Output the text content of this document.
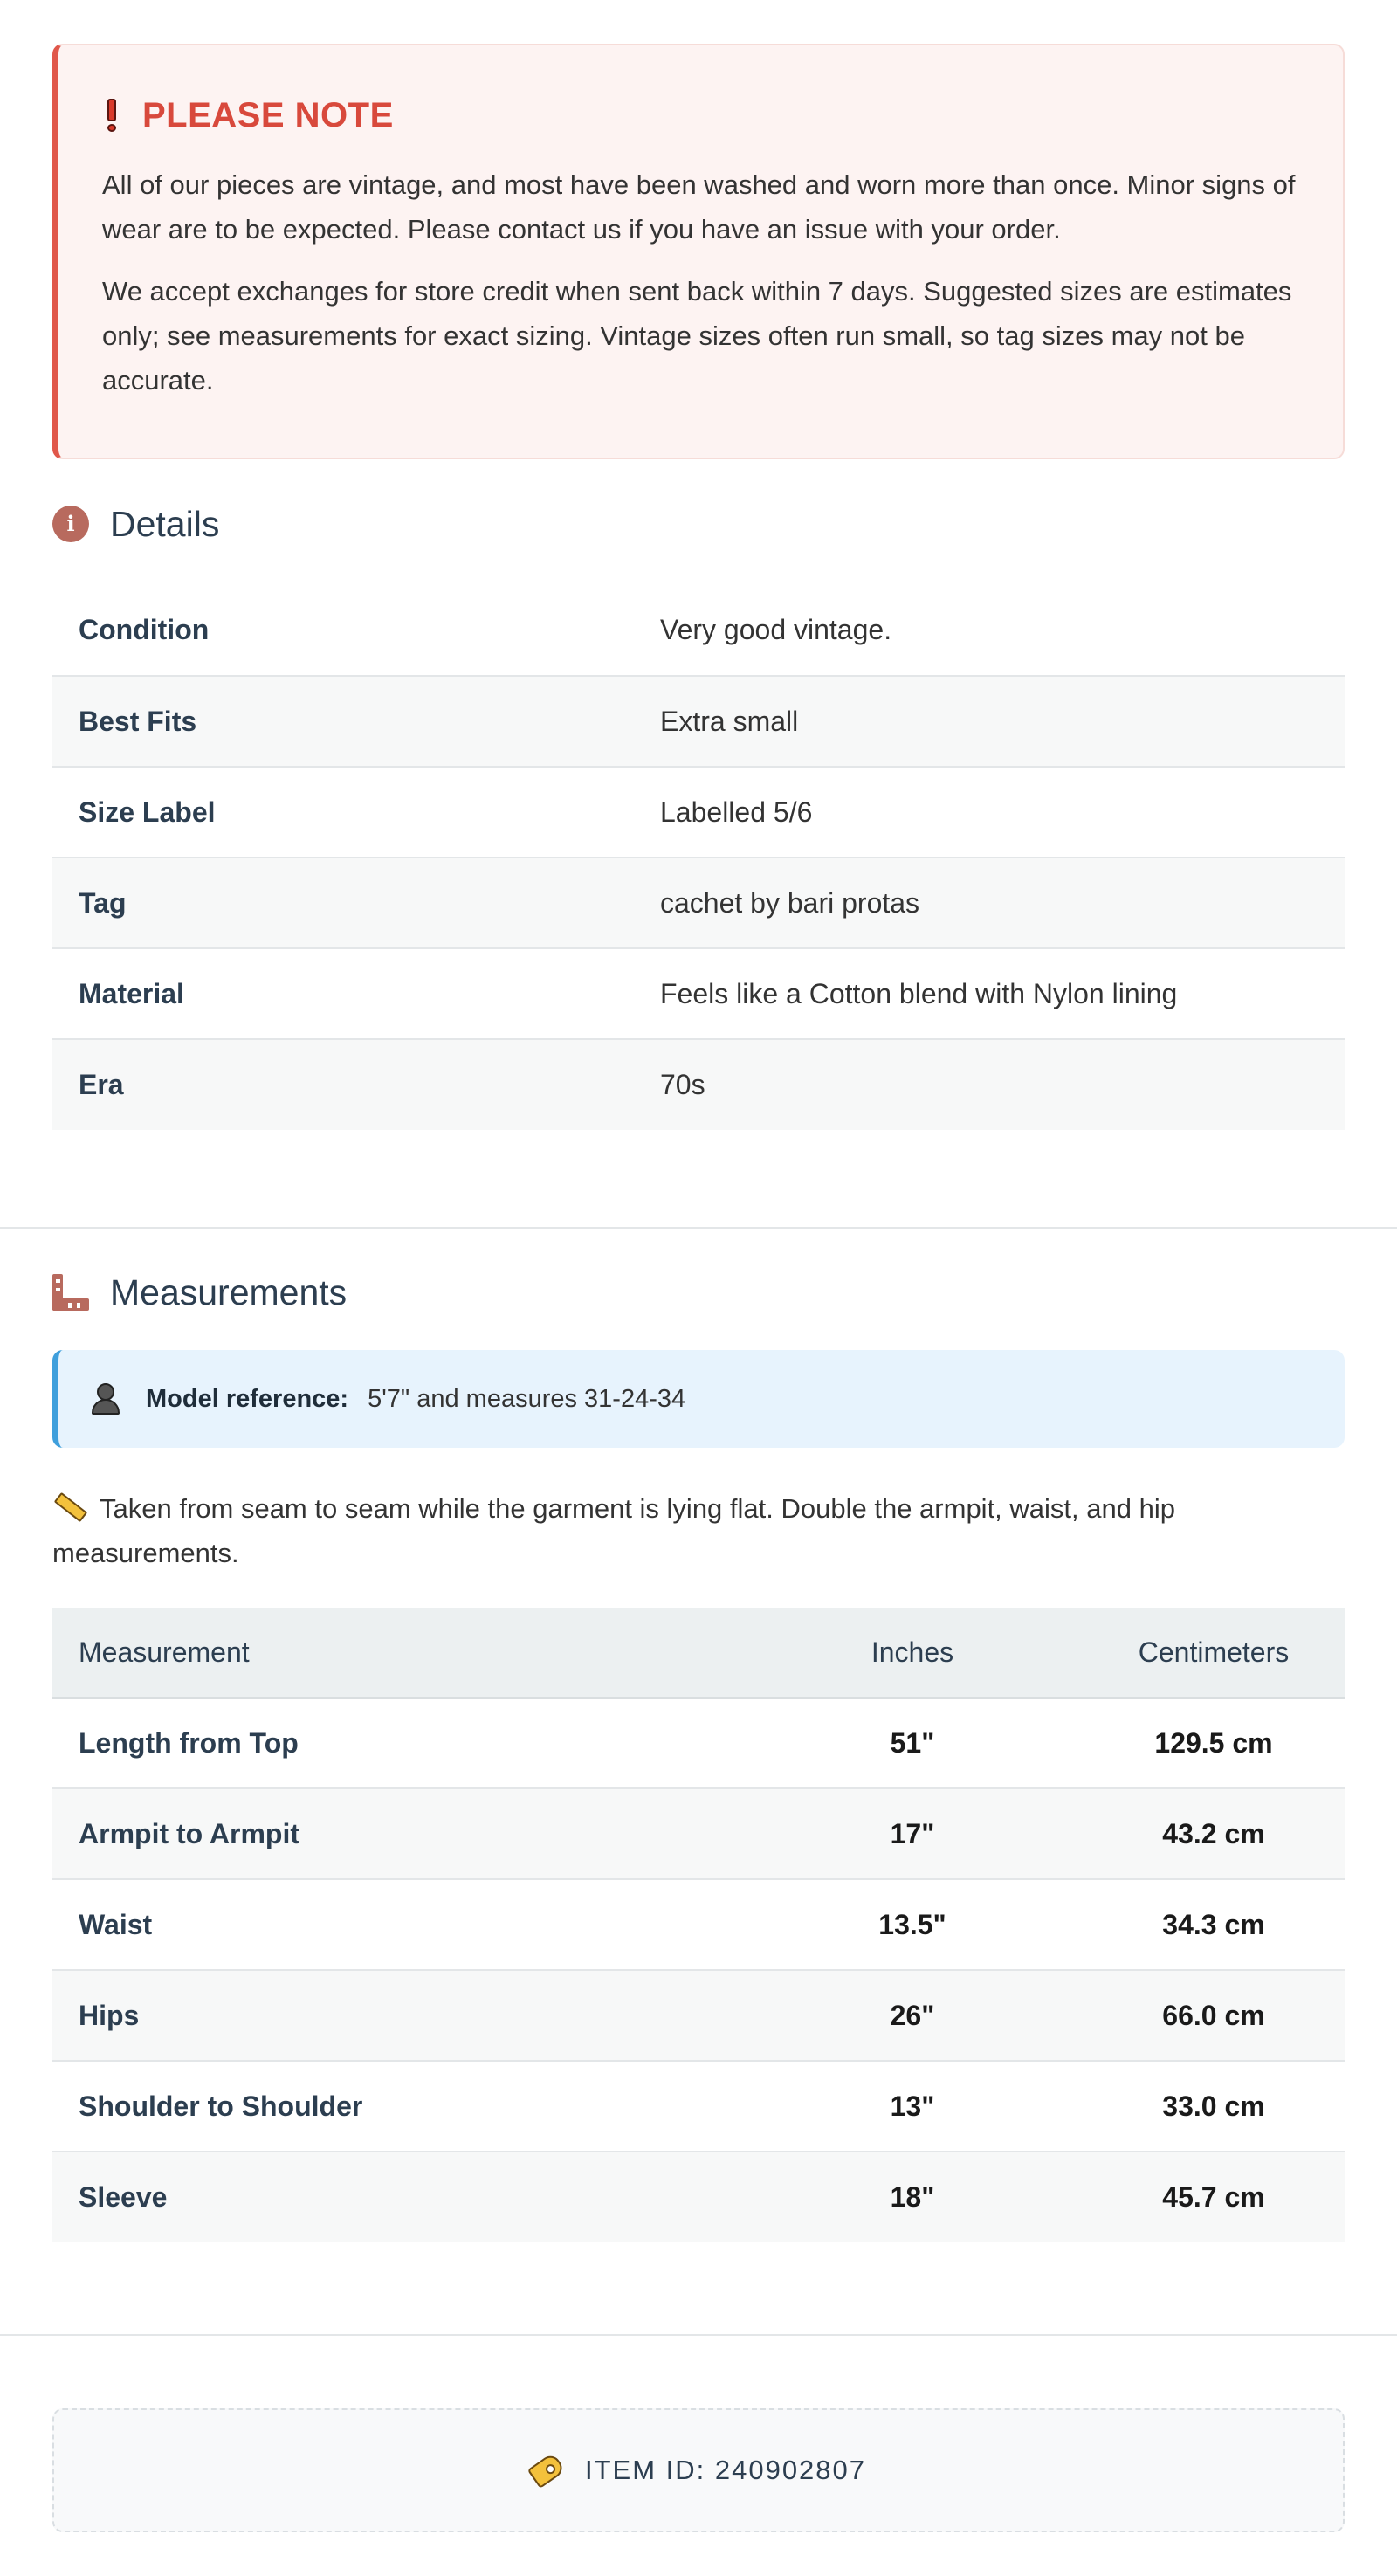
PLEASE NOTE

All of our pieces are vintage, and most have been washed and worn more than once. Minor signs of wear are to be expected. Please contact us if you have an issue with your order.

We accept exchanges for store credit when sent back within 7 days. Suggested sizes are estimates only; see measurements for exact sizing. Vintage sizes often run small, so tag sizes may not be accurate.

i Details
Condition	Very good vintage.
Best Fits	Extra small
Size Label	Labelled 5/6
Tag	cachet by bari protas
Material	Feels like a Cotton blend with Nylon lining
Era	70s
Measurements
Model reference: 5'7" and measures 31-24-34

Taken from seam to seam while the garment is lying flat. Double the armpit, waist, and hip measurements.

Measurement	Inches	Centimeters
Length from Top	51"	129.5 cm
Armpit to Armpit	17"	43.2 cm
Waist	13.5"	34.3 cm
Hips	26"	66.0 cm
Shoulder to Shoulder	13"	33.0 cm
Sleeve	18"	45.7 cm
ITEM ID: 240902807
